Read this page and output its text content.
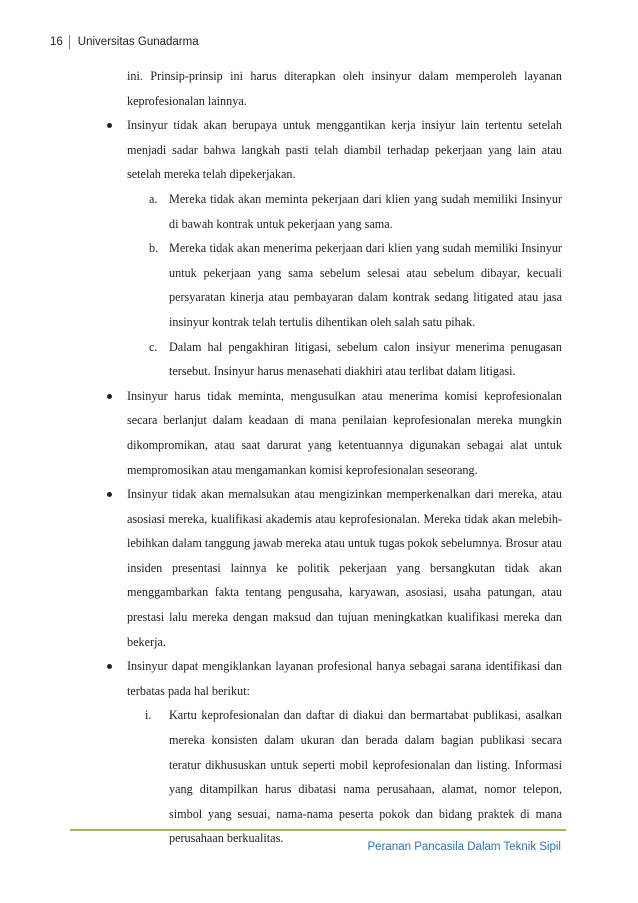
16	Universitas Gunadarma

ini. Prinsip-prinsip ini harus diterapkan oleh insinyur dalam memperoleh layanan keprofesionalan lainnya.

Insinyur tidak akan berupaya untuk menggantikan kerja insiyur lain tertentu setelah menjadi sadar bahwa langkah pasti telah diambil terhadap pekerjaan yang lain atau setelah mereka telah dipekerjakan.
a. Mereka tidak akan meminta pekerjaan dari klien yang sudah memiliki Insinyur di bawah kontrak untuk pekerjaan yang sama.
b. Mereka tidak akan menerima pekerjaan dari klien yang sudah memiliki Insinyur untuk pekerjaan yang sama sebelum selesai atau sebelum dibayar, kecuali persyaratan kinerja atau pembayaran dalam kontrak sedang litigated atau jasa insinyur kontrak telah tertulis dihentikan oleh salah satu pihak.
c. Dalam hal pengakhiran litigasi, sebelum calon insiyur menerima penugasan tersebut. Insinyur harus menasehati diakhiri atau terlibat dalam litigasi.
Insinyur harus tidak meminta, mengusulkan atau menerima komisi keprofesionalan secara berlanjut dalam keadaan di mana penilaian keprofesionalan mereka mungkin dikompromikan, atau saat darurat yang ketentuannya digunakan sebagai alat untuk mempromosikan atau mengamankan komisi keprofesionalan seseorang.
Insinyur tidak akan memalsukan atau mengizinkan memperkenalkan dari mereka, atau asosiasi mereka, kualifikasi akademis atau keprofesionalan. Mereka tidak akan melebih-lebihkan dalam tanggung jawab mereka atau untuk tugas pokok sebelumnya. Brosur atau insiden presentasi lainnya ke politik pekerjaan yang bersangkutan tidak akan menggambarkan fakta tentang pengusaha, karyawan, asosiasi, usaha patungan, atau prestasi lalu mereka dengan maksud dan tujuan meningkatkan kualifikasi mereka dan bekerja.
Insinyur dapat mengiklankan layanan profesional hanya sebagai sarana identifikasi dan terbatas pada hal berikut:
i. Kartu keprofesionalan dan daftar di diakui dan bermartabat publikasi, asalkan mereka konsisten dalam ukuran dan berada dalam bagian publikasi secara teratur dikhususkan untuk seperti mobil keprofesionalan dan listing. Informasi yang ditampilkan harus dibatasi nama perusahaan, alamat, nomor telepon, simbol yang sesuai, nama-nama peserta pokok dan bidang praktek di mana perusahaan berkualitas.
Peranan Pancasila Dalam Teknik Sipil
